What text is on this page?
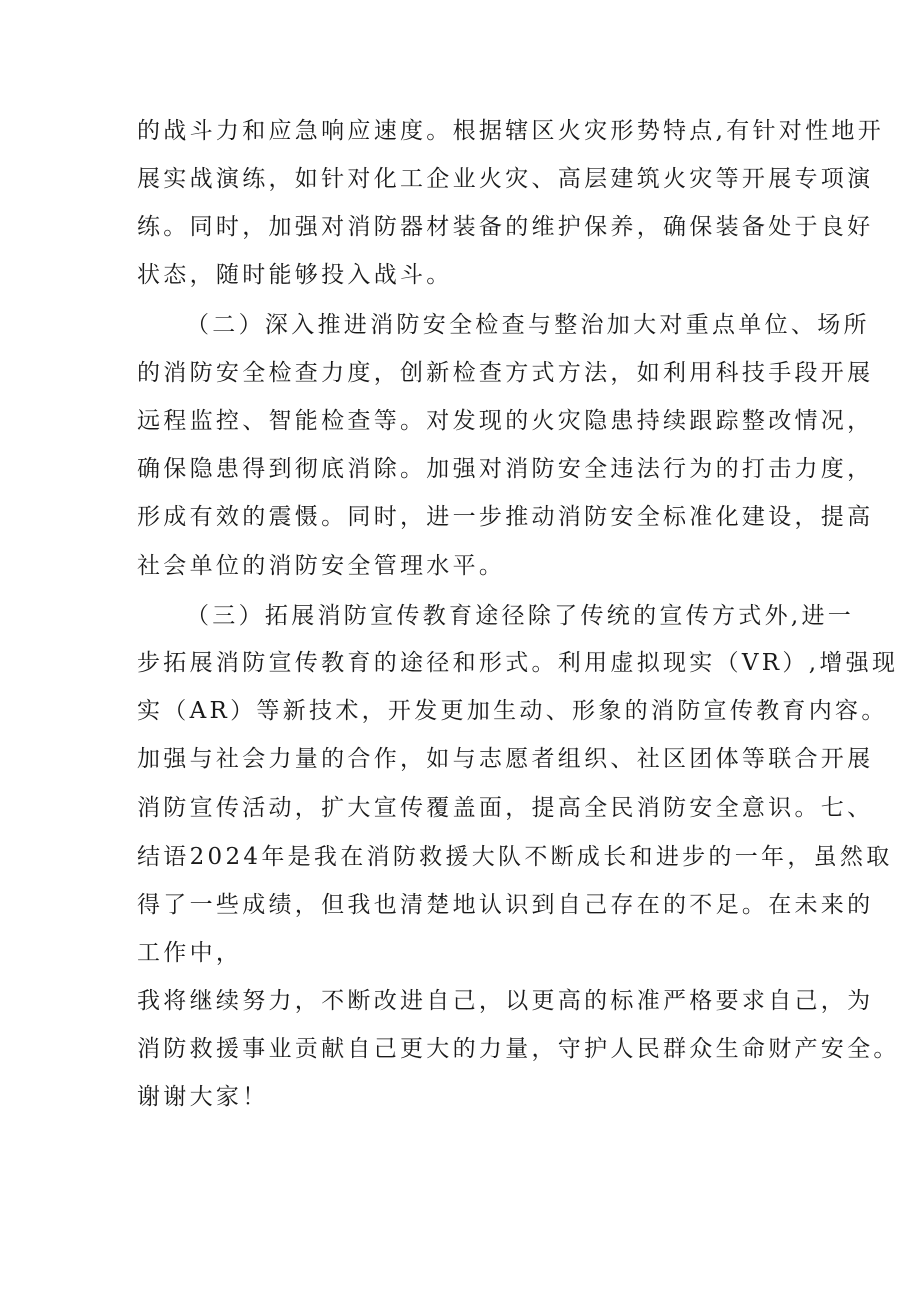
的战斗力和应急响应速度。根据辖区火灾形势特点,有针对性地开

展实战演练，如针对化工企业火灾、高层建筑火灾等开展专项演

练。同时，加强对消防器材装备的维护保养，确保装备处于良好

状态，随时能够投入战斗。

（二）深入推进消防安全检查与整治加大对重点单位、场所

的消防安全检查力度，创新检查方式方法，如利用科技手段开展

远程监控、智能检查等。对发现的火灾隐患持续跟踪整改情况，

确保隐患得到彻底消除。加强对消防安全违法行为的打击力度，

形成有效的震慑。同时，进一步推动消防安全标准化建设，提高

社会单位的消防安全管理水平。

（三）拓展消防宣传教育途径除了传统的宣传方式外,进一

步拓展消防宣传教育的途径和形式。利用虚拟现实（VR）,增强现

实（AR）等新技术，开发更加生动、形象的消防宣传教育内容。

加强与社会力量的合作，如与志愿者组织、社区团体等联合开展

消防宣传活动，扩大宣传覆盖面，提高全民消防安全意识。七、

结语2024年是我在消防救援大队不断成长和进步的一年，虽然取

得了一些成绩，但我也清楚地认识到自己存在的不足。在未来的

工作中，

我将继续努力，不断改进自己，以更高的标准严格要求自己，为

消防救援事业贡献自己更大的力量，守护人民群众生命财产安全。

谢谢大家！
